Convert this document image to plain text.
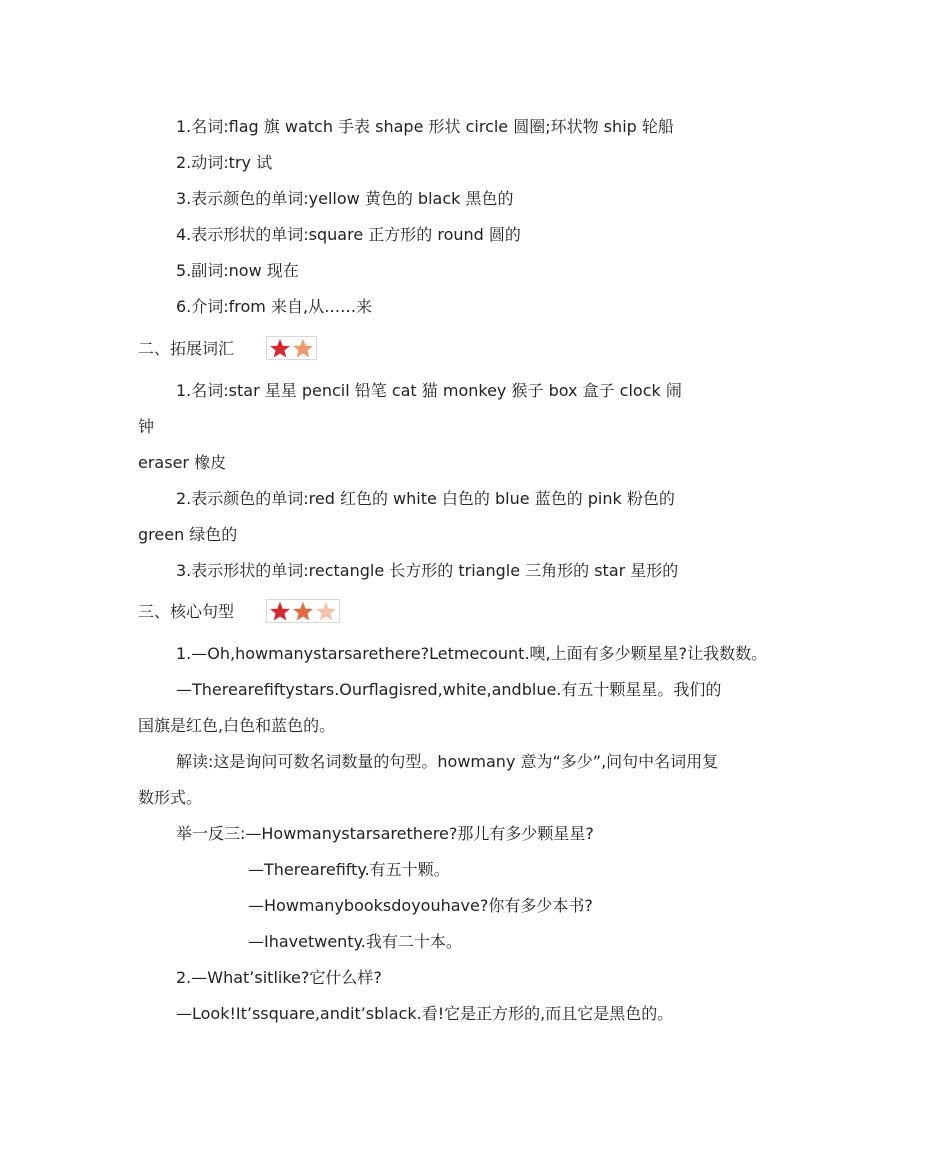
1.名词:flag 旗 watch 手表 shape 形状 circle 圆圈;环状物 ship 轮船
2.动词:try 试
3.表示颜色的单词:yellow 黄色的 black 黑色的
4.表示形状的单词:square 正方形的 round 圆的
5.副词:now 现在
6.介词:from 来自,从……来
二、拓展词汇
1.名词:star 星星 pencil 铅笔 cat 猫 monkey 猴子 box 盒子 clock 闹
钟
eraser 橡皮
2.表示颜色的单词:red 红色的 white 白色的 blue 蓝色的 pink 粉色的
green 绿色的
3.表示形状的单词:rectangle 长方形的 triangle 三角形的 star 星形的
三、核心句型
1.—Oh,howmanystarsarethere?Letmecount.噢,上面有多少颗星星?让我数数。
—Therearefiftystars.Ourflagisred,white,andblue.有五十颗星星。我们的
国旗是红色,白色和蓝色的。
解读:这是询问可数名词数量的句型。howmany 意为“多少”,问句中名词用复
数形式。
举一反三:—Howmanystarsarethere?那儿有多少颗星星?
—Therearefifty.有五十颗。
—Howmanybooksdoyouhave?你有多少本书?
—Ihavetwenty.我有二十本。
2.—What’sitlike?它什么样?
—Look!It’ssquare,andit’sblack.看!它是正方形的,而且它是黑色的。
